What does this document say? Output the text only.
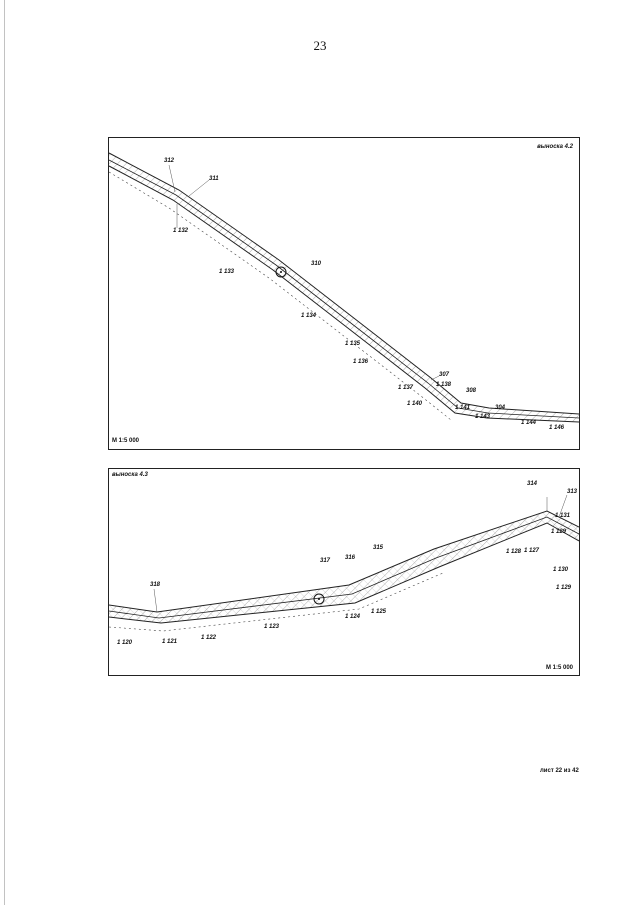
23
выноска 4.2
М 1:5 000
312
311
1 132
310
1 133
1 134
1 135
1 136
307
1 137	1 138
308
1 140
1 141	304
1 143
1 144
1 146
выноска 4.3
М 1:5 000
314
313
1 131
1 129
1 128 1 127
1 130
1 129
315
316
317
318
1 125
1 124
1 123
1 122
1 121
1 120
лист 22 из 42
